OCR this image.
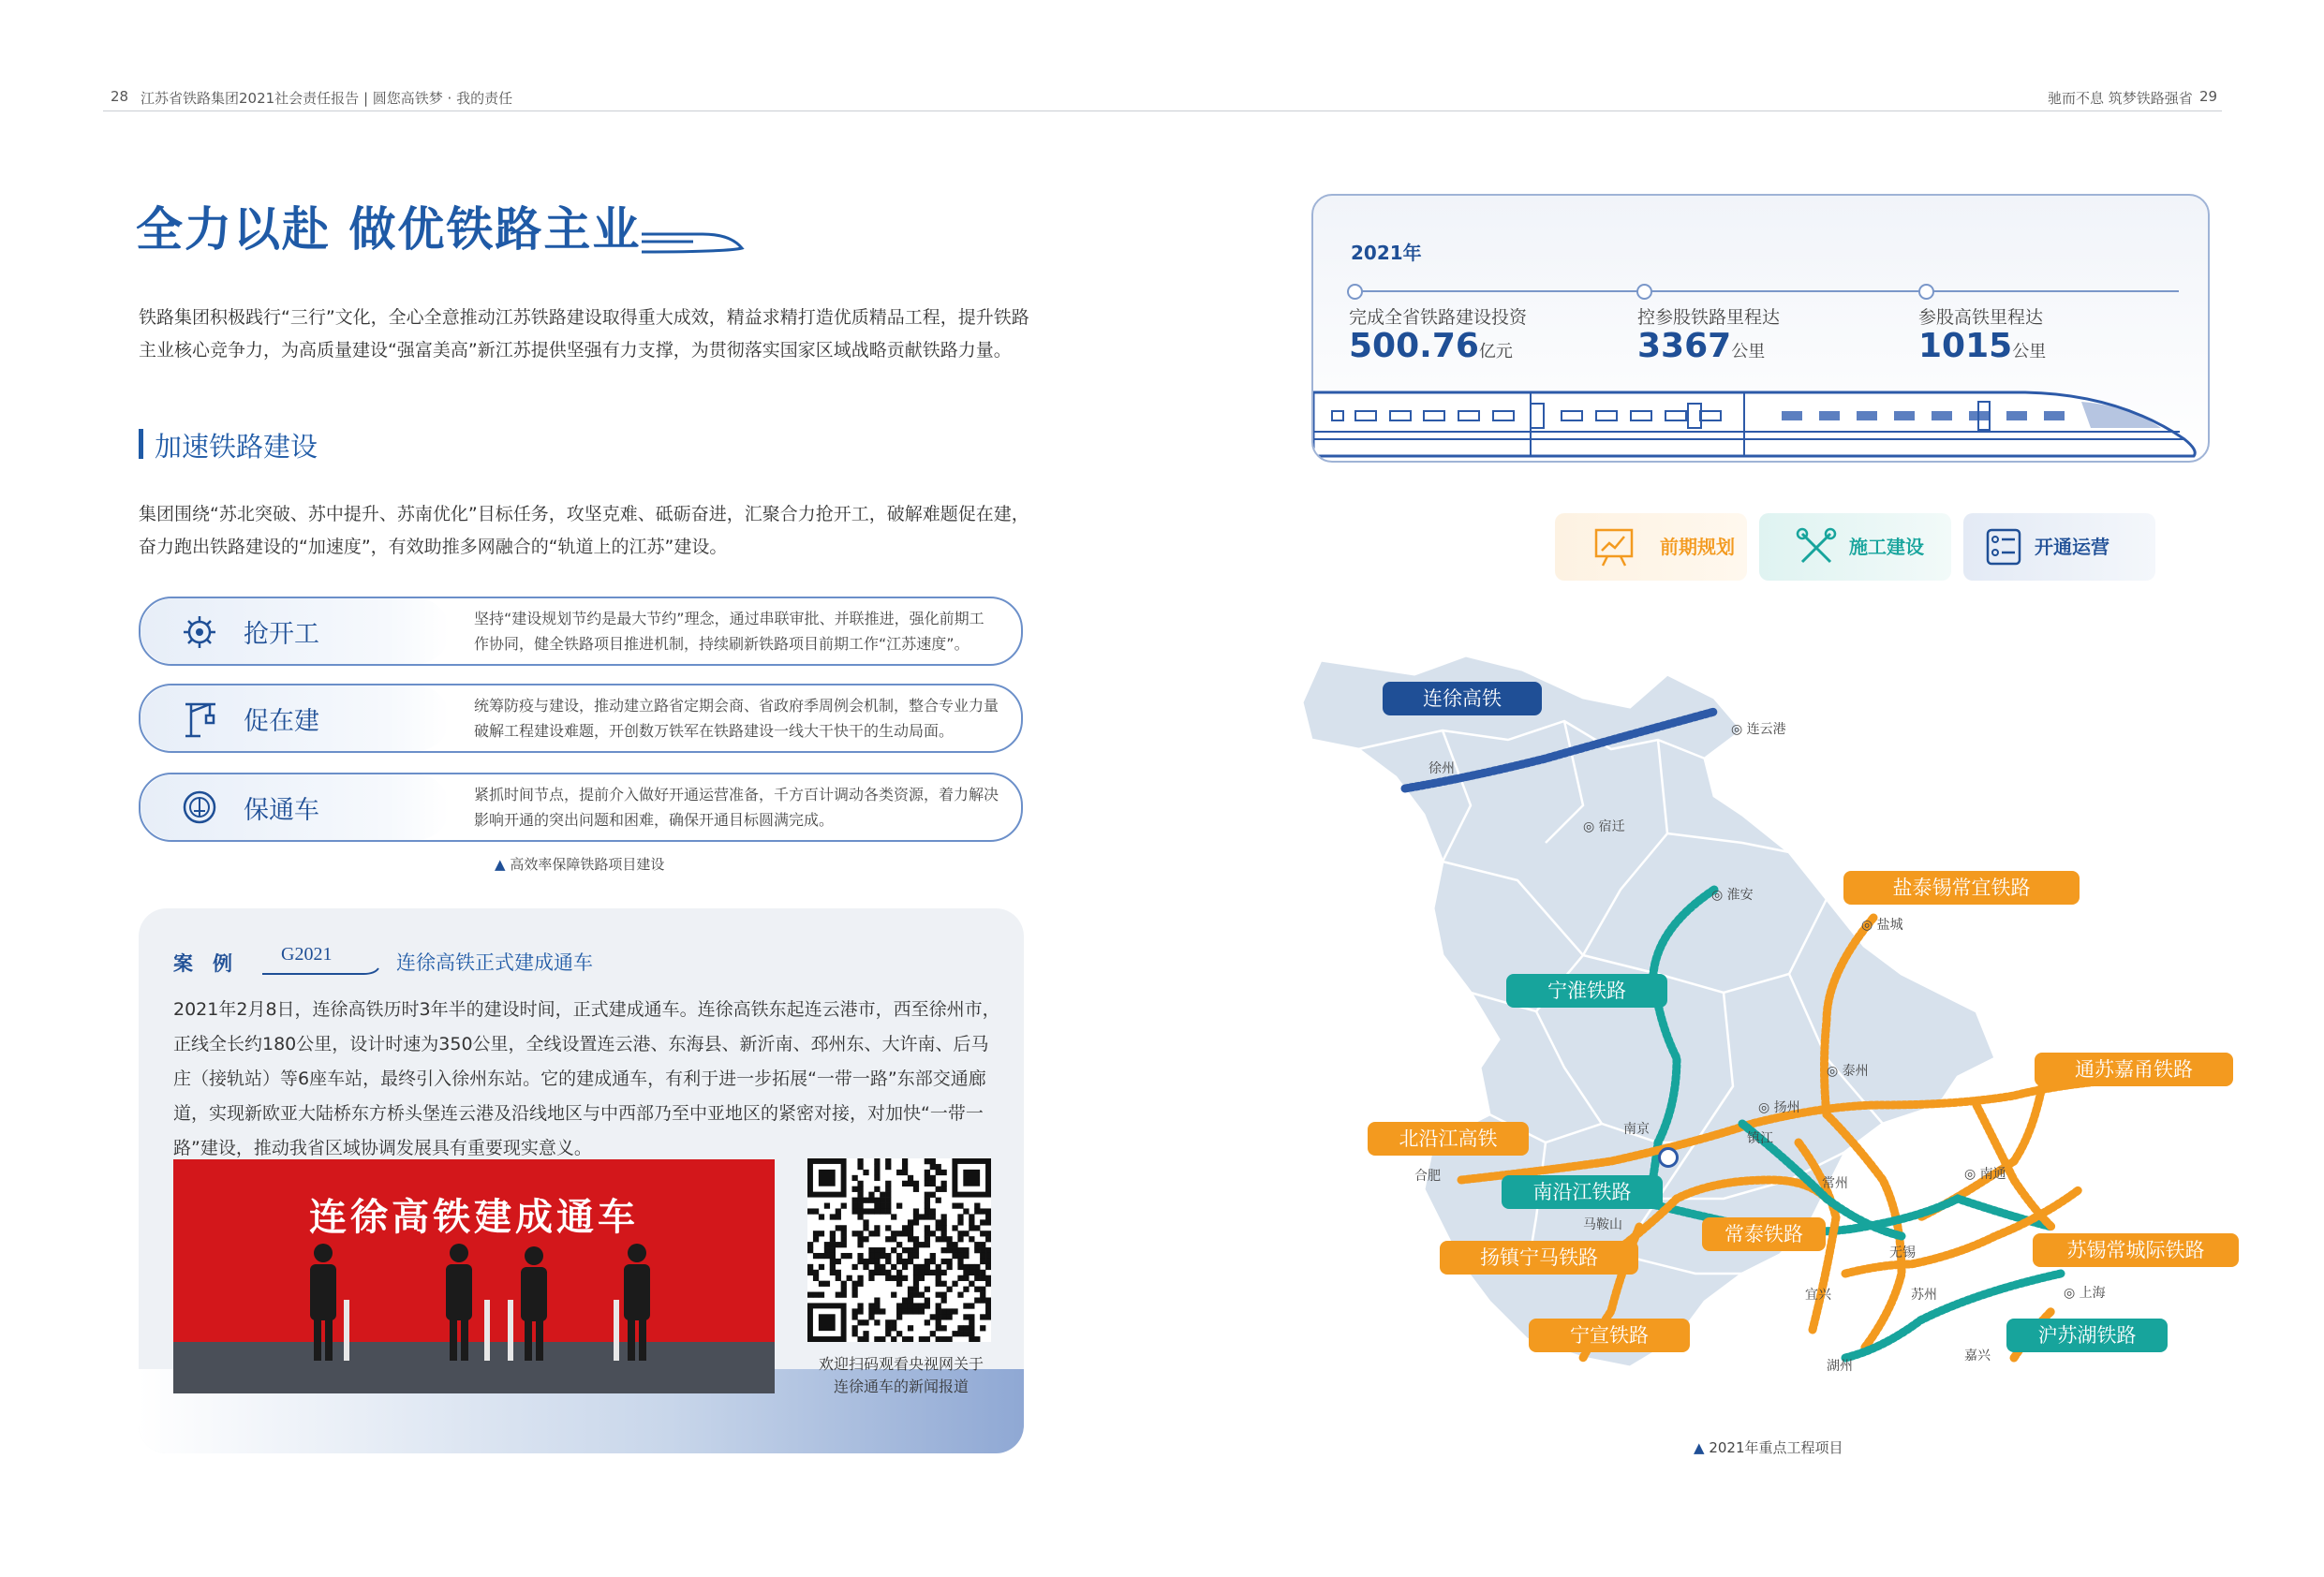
28 江苏省铁路集团2021社会责任报告 | 圆您高铁梦 · 我的责任	驰而不息 筑梦铁路强省 29
全力以赴 做优铁路主业
铁路集团积极践行“三行”文化，全心全意推动江苏铁路建设取得重大成效，精益求精打造优质精品工程，提升铁路主业核心竞争力，为高质量建设“强富美高”新江苏提供坚强有力支撑，为贯彻落实国家区域战略贡献铁路力量。
加速铁路建设
集团围绕“苏北突破、苏中提升、苏南优化”目标任务，攻坚克难、砥砺奋进，汇聚合力抢开工，破解难题促在建，奋力跑出铁路建设的“加速度”，有效助推多网融合的“轨道上的江苏”建设。
抢开工
坚持“建设规划节约是最大节约”理念，通过串联审批、并联推进，强化前期工作协同，健全铁路项目推进机制，持续刷新铁路项目前期工作“江苏速度”。
促在建
统筹防疫与建设，推动建立路省定期会商、省政府季周例会机制，整合专业力量破解工程建设难题，开创数万铁军在铁路建设一线大干快干的生动局面。
保通车
紧抓时间节点，提前介入做好开通运营准备，千方百计调动各类资源，着力解决影响开通的突出问题和困难，确保开通目标圆满完成。
▲ 高效率保障铁路项目建设
案　例	G2021	连徐高铁正式建成通车
2021年2月8日，连徐高铁历时3年半的建设时间，正式建成通车。连徐高铁东起连云港市，西至徐州市，正线全长约180公里，设计时速为350公里，全线设置连云港、东海县、新沂南、邳州东、大许南、后马庄（接轨站）等6座车站，最终引入徐州东站。它的建成通车，有利于进一步拓展“一带一路”东部交通廊道，实现新欧亚大陆桥东方桥头堡连云港及沿线地区与中西部乃至中亚地区的紧密对接，对加快“一带一路”建设，推动我省区域协调发展具有重要现实意义。
连徐高铁建成通车
欢迎扫码观看央视网关于
连徐通车的新闻报道
2021年
完成全省铁路建设投资
500.76亿元
控参股铁路里程达
3367公里
参股高铁里程达
1015公里
前期规划	施工建设	开通运营
◎ 连云港
徐州
◎ 宿迁
◎ 淮安
◎ 盐城
◎ 泰州
南京
◎ 扬州
镇江
合肥
马鞍山
常州
◎ 南通
无锡
宜兴	苏州	◎ 上海
湖州
嘉兴
连徐高铁
宁淮铁路
盐泰锡常宜铁路
通苏嘉甬铁路
北沿江高铁
南沿江铁路
扬镇宁马铁路
常泰铁路
苏锡常城际铁路
宁宣铁路	沪苏湖铁路
▲ 2021年重点工程项目
